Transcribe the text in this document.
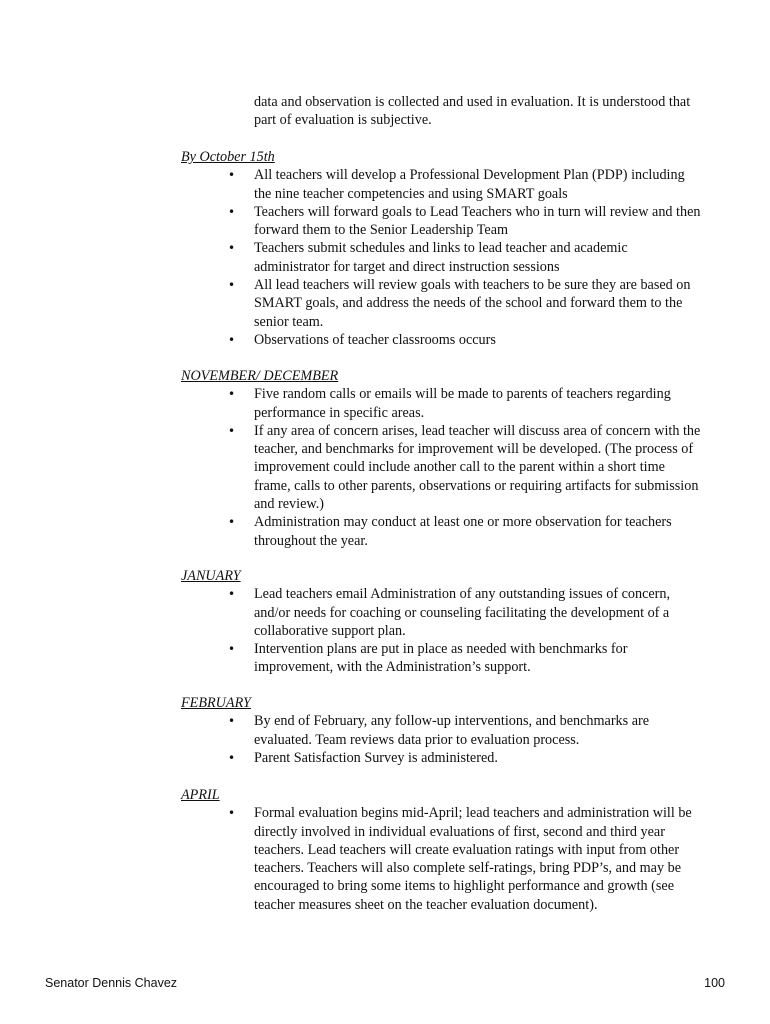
data and observation is collected and used in evaluation. It is understood that part of evaluation is subjective.

By October 15th

• All teachers will develop a Professional Development Plan (PDP) including the nine teacher competencies and using SMART goals
• Teachers will forward goals to Lead Teachers who in turn will review and then forward them to the Senior Leadership Team
• Teachers submit schedules and links to lead teacher and academic administrator for target and direct instruction sessions
• All lead teachers will review goals with teachers to be sure they are based on SMART goals, and address the needs of the school and forward them to the senior team.
• Observations of teacher classrooms occurs

NOVEMBER/ DECEMBER

• Five random calls or emails will be made to parents of teachers regarding performance in specific areas.
• If any area of concern arises, lead teacher will discuss area of concern with the teacher, and benchmarks for improvement will be developed. (The process of improvement could include another call to the parent within a short time frame, calls to other parents, observations or requiring artifacts for submission and review.)
• Administration may conduct at least one or more observation for teachers throughout the year.

JANUARY

• Lead teachers email Administration of any outstanding issues of concern, and/or needs for coaching or counseling facilitating the development of a collaborative support plan.
• Intervention plans are put in place as needed with benchmarks for improvement, with the Administration’s support.

FEBRUARY

• By end of February, any follow-up interventions, and benchmarks are evaluated. Team reviews data prior to evaluation process.
• Parent Satisfaction Survey is administered.

APRIL

• Formal evaluation begins mid-April; lead teachers and administration will be directly involved in individual evaluations of first, second and third year teachers. Lead teachers will create evaluation ratings with input from other teachers. Teachers will also complete self-ratings, bring PDP’s, and may be encouraged to bring some items to highlight performance and growth (see teacher measures sheet on the teacher evaluation document).
Senator Dennis Chavez	100
